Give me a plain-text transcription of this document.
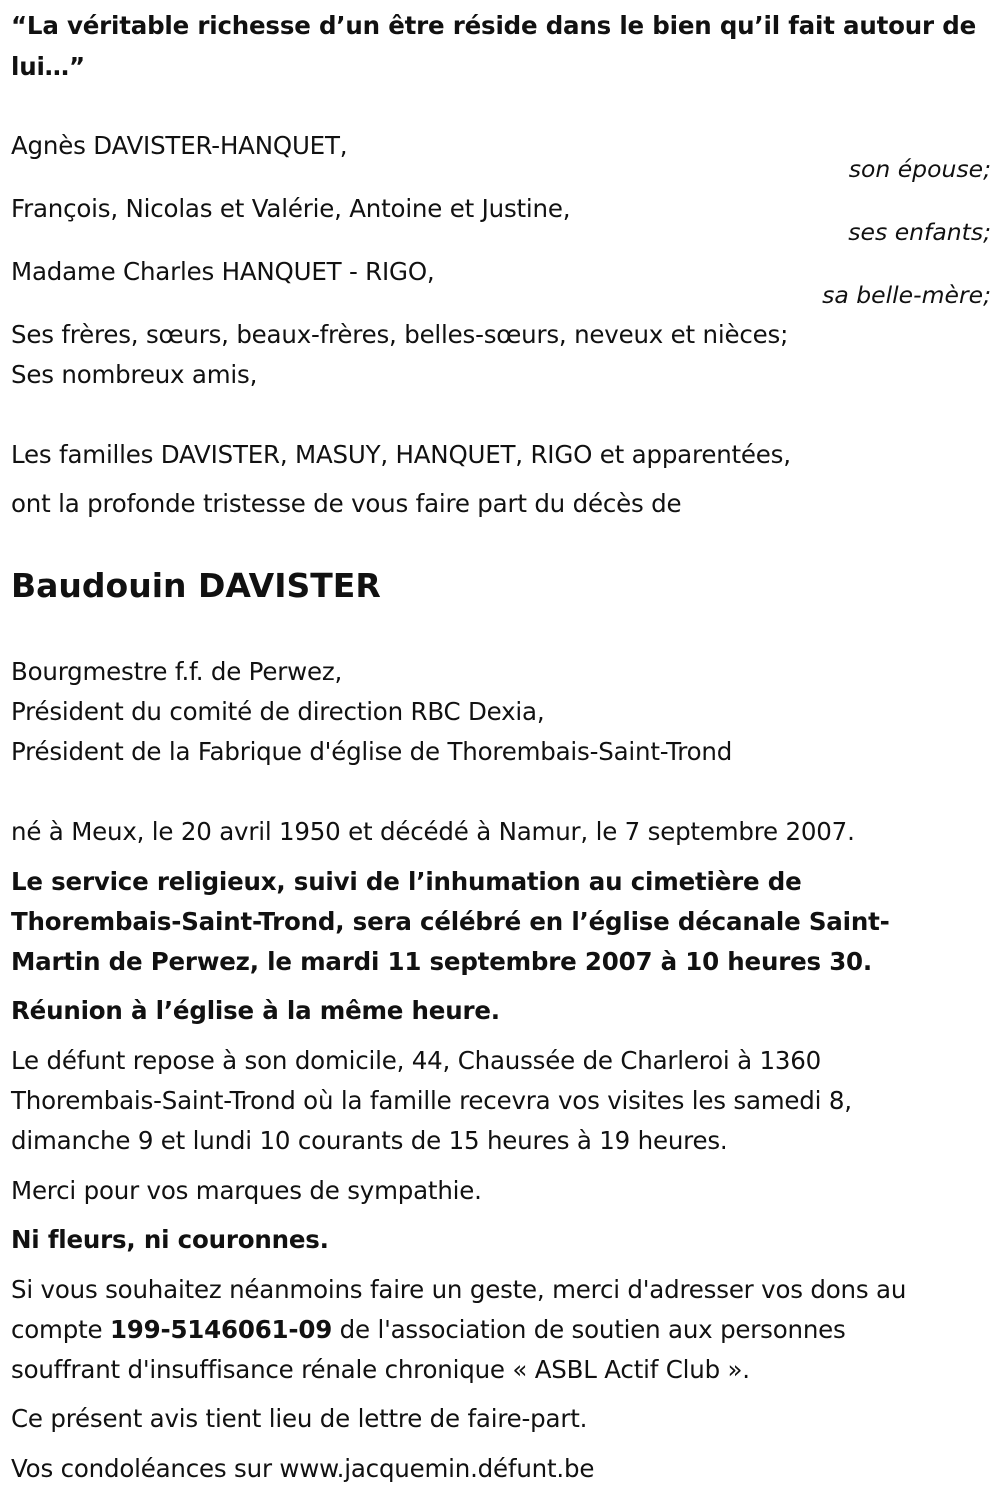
“La véritable richesse d’un être réside dans le bien qu’il fait autour de
lui…”
Agnès DAVISTER-HANQUET,
son épouse;
François, Nicolas et Valérie, Antoine et Justine,
ses enfants;
Madame Charles HANQUET - RIGO,
sa belle-mère;
Ses frères, sœurs, beaux-frères, belles-sœurs, neveux et nièces;
Ses nombreux amis,
Les familles DAVISTER, MASUY, HANQUET, RIGO et apparentées,
ont la profonde tristesse de vous faire part du décès de
Baudouin DAVISTER
Bourgmestre f.f. de Perwez,
Président du comité de direction RBC Dexia,
Président de la Fabrique d'église de Thorembais-Saint-Trond
né à Meux, le 20 avril 1950 et décédé à Namur, le 7 septembre 2007.
Le service religieux, suivi de l’inhumation au cimetière de
Thorembais-Saint-Trond, sera célébré en l’église décanale Saint-
Martin de Perwez, le mardi 11 septembre 2007 à 10 heures 30.
Réunion à l’église à la même heure.
Le défunt repose à son domicile, 44, Chaussée de Charleroi à 1360
Thorembais-Saint-Trond où la famille recevra vos visites les samedi 8,
dimanche 9 et lundi 10 courants de 15 heures à 19 heures.
Merci pour vos marques de sympathie.
Ni fleurs, ni couronnes.
Si vous souhaitez néanmoins faire un geste, merci d'adresser vos dons au
compte 199-5146061-09 de l'association de soutien aux personnes
souffrant d'insuffisance rénale chronique « ASBL Actif Club ».
Ce présent avis tient lieu de lettre de faire-part.
Vos condoléances sur www.jacquemin.défunt.be
